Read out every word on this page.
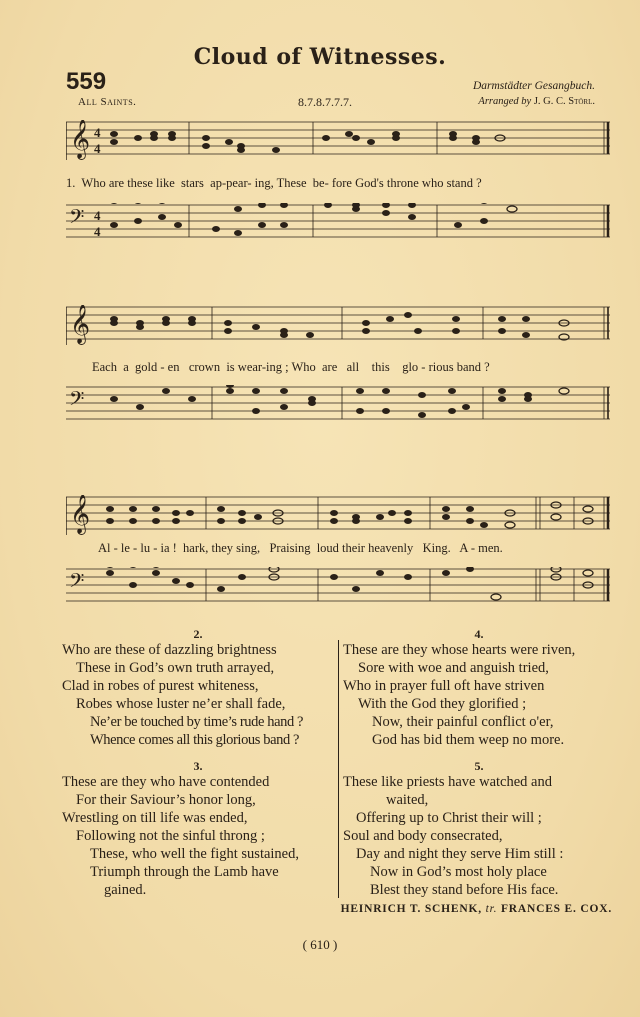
Cloud of Witnesses.
559
All Saints.	8.7.8.7.7.7.
Darmstädter Gesangbuch.
Arranged by J. G. C. Störl.
𝄞 4
4
1.  Who are these like  stars  ap-pear- ing, These  be- fore God's throne who stand ?
𝄢 4
4
𝄞
Each  a  gold - en   crown  is wear-ing ; Who  are   all    this    glo - rious band ?
𝄢
𝄞
Al - le - lu - ia !  hark, they sing,   Praising  loud their heavenly   King.   A - men.
𝄢
2.
Who are these of dazzling brightness
These in God’s own truth arrayed,
Clad in robes of purest whiteness,
Robes whose luster ne’er shall fade,
Ne’er be touched by time’s rude hand ?
Whence comes all this glorious band ?
3.
These are they who have contended
For their Saviour’s honor long,
Wrestling on till life was ended,
Following not the sinful throng ;
These, who well the fight sustained,
Triumph through the Lamb have
gained.
4.
These are they whose hearts were riven,
Sore with woe and anguish tried,
Who in prayer full oft have striven
With the God they glorified ;
Now, their painful conflict o'er,
God has bid them weep no more.
5.
These like priests have watched and
waited,
Offering up to Christ their will ;
Soul and body consecrated,
Day and night they serve Him still :
Now in God’s most holy place
Blest they stand before His face.
HEINRICH T. SCHENK, tr. FRANCES E. COX.
( 610 )
